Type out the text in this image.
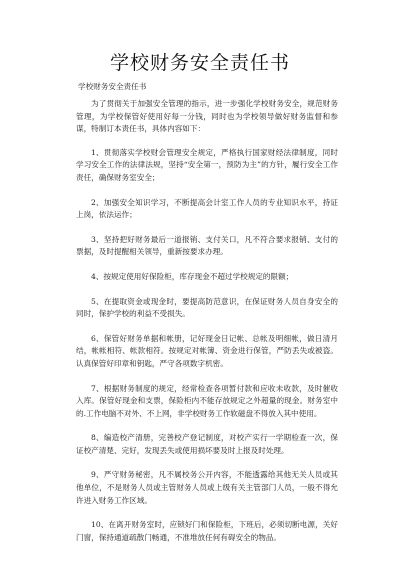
学校财务安全责任书
学校财务安全责任书

为了贯彻关于加强安全管理的指示，进一步强化学校财务安全，规范财务管理，为学校保管好使用好每一分钱，同时也为学校领导做好财务监督和参谋，特制订本责任书，具体内容如下：

1、贯彻落实学校财会管理安全规定，严格执行国家财经法律制度，同时学习安全工作的法律法规，坚持“安全第一，预防为主”的方针，履行安全工作责任，确保财务室安全；

2、加强安全知识学习，不断提高会计室工作人员的专业知识水平，持证上岗，依法运作；

3、坚持把好财务最后一道报销、支付关口，凡不符合要求报销、支付的票据，及时提醒相关领导，重新按要求办理。

4、按规定使用好保险柜，库存现金不超过学校规定的限额；

5、在提取资金或现金时，要提高防范意识，在保证财务人员自身安全的同时，保护学校的利益不受损失。

6、保管好财务单据和帐册，记好现金日记帐、总帐及明细帐，做日清月结，帐帐相符、帐款相符。按规定对帐簿、资金进行保管，严防丢失或被盗。认真保管好印章和钥匙，严守各项数字机密。

7、根据财务制度的规定，经常检查各项暂付款和应收未收款，及时催收入库。保管好现金和支票，保险柜内不能存放规定之外超量的现金。财务室中的.工作电脑不对外、不上网，非学校财务工作软磁盘不得放入其中使用。

8、编造校产清册，完善校产登记制度，对校产实行一学期检查一次，保证校产清楚、完好，发现丢失或使用损坏要及时上报及时处理。

9、严守财务秘密，凡不属校务公开内容，不能透露给其他无关人员或其他单位，不是财务人员或主管财务人员或上级有关主管部门人员，一般不得允许进入财务工作区域。

10、在离开财务室时，应锁好门和保险柜，下班后，必须切断电源，关好门窗，保持通道疏散门畅通，不准堆放任何有碍安全的物品。
